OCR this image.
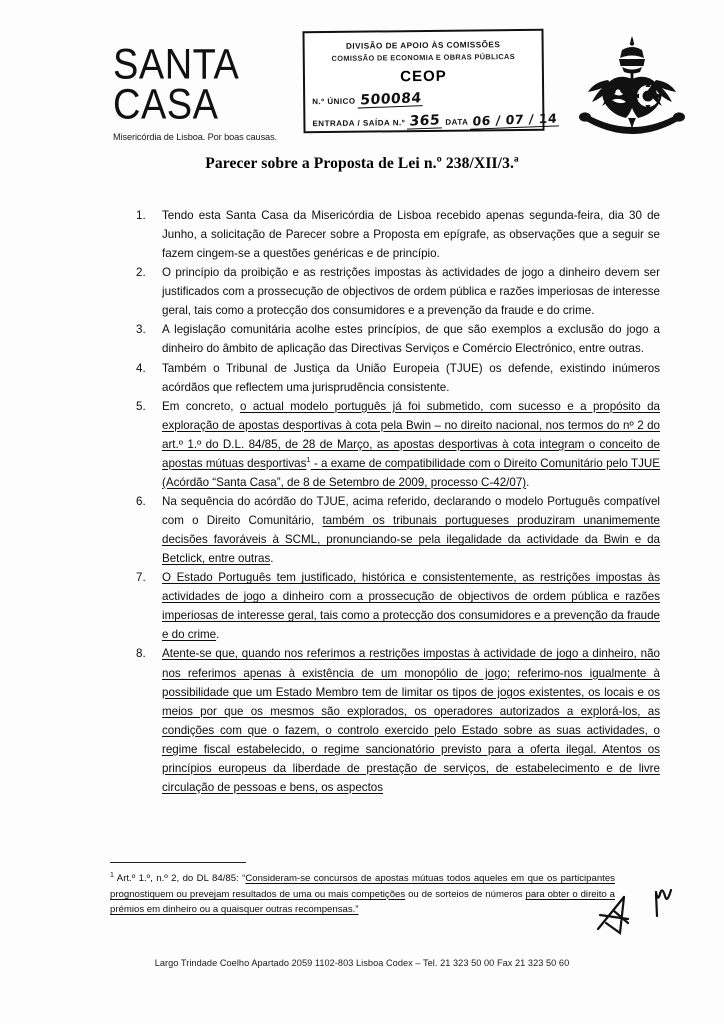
SANTA
CASA
Misericórdia de Lisboa. Por boas causas.
DIVISÃO DE APOIO ÀS COMISSÕES
COMISSÃO DE ECONOMIA E OBRAS PÚBLICAS
CEOP
N.º ÚNICO 500084
ENTRADA / SAÍDA N.º 365 DATA 06 / 07 / 14
Parecer sobre a Proposta de Lei n.º 238/XII/3.ª
1.	Tendo esta Santa Casa da Misericórdia de Lisboa recebido apenas segunda-feira, dia 30 de Junho, a solicitação de Parecer sobre a Proposta em epígrafe, as observações que a seguir se fazem cingem-se a questões genéricas e de princípio.
2.	O princípio da proibição e as restrições impostas às actividades de jogo a dinheiro devem ser justificados com a prossecução de objectivos de ordem pública e razões imperiosas de interesse geral, tais como a protecção dos consumidores e a prevenção da fraude e do crime.
3.	A legislação comunitária acolhe estes princípios, de que são exemplos a exclusão do jogo a dinheiro do âmbito de aplicação das Directivas Serviços e Comércio Electrónico, entre outras.
4.	Também o Tribunal de Justiça da União Europeia (TJUE) os defende, existindo inúmeros acórdãos que reflectem uma jurisprudência consistente.
5.	Em concreto, o actual modelo português já foi submetido, com sucesso e a propósito da exploração de apostas desportivas à cota pela Bwin – no direito nacional, nos termos do nº 2 do art.º 1.º do D.L. 84/85, de 28 de Março, as apostas desportivas à cota integram o conceito de apostas mútuas desportivas$^1$ - a exame de compatibilidade com o Direito Comunitário pelo TJUE (Acórdão “Santa Casa”, de 8 de Setembro de 2009, processo C-42/07).
6.	Na sequência do acórdão do TJUE, acima referido, declarando o modelo Português compatível com o Direito Comunitário, também os tribunais portugueses produziram unanimemente decisões favoráveis à SCML, pronunciando-se pela ilegalidade da actividade da Bwin e da Betclick, entre outras.
7.	O Estado Português tem justificado, histórica e consistentemente, as restrições impostas às actividades de jogo a dinheiro com a prossecução de objectivos de ordem pública e razões imperiosas de interesse geral, tais como a protecção dos consumidores e a prevenção da fraude e do crime.
8.	Atente-se que, quando nos referimos a restrições impostas à actividade de jogo a dinheiro, não nos referimos apenas à existência de um monopólio de jogo; referimo-nos igualmente à possibilidade que um Estado Membro tem de limitar os tipos de jogos existentes, os locais e os meios por que os mesmos são explorados, os operadores autorizados a explorá-los, as condições com que o fazem, o controlo exercido pelo Estado sobre as suas actividades, o regime fiscal estabelecido, o regime sancionatório previsto para a oferta ilegal. Atentos os princípios europeus da liberdade de prestação de serviços, de estabelecimento e de livre circulação de pessoas e bens, os aspectos
$^1$ Art.º 1.º, n.º 2, do DL 84/85: “Consideram-se concursos de apostas mútuas todos aqueles em que os participantes prognostiquem ou prevejam resultados de uma ou mais competições ou de sorteios de números para obter o direito a prémios em dinheiro ou a quaisquer outras recompensas.”
Largo Trindade Coelho Apartado 2059 1102-803 Lisboa Codex – Tel. 21 323 50 00 Fax 21 323 50 60
